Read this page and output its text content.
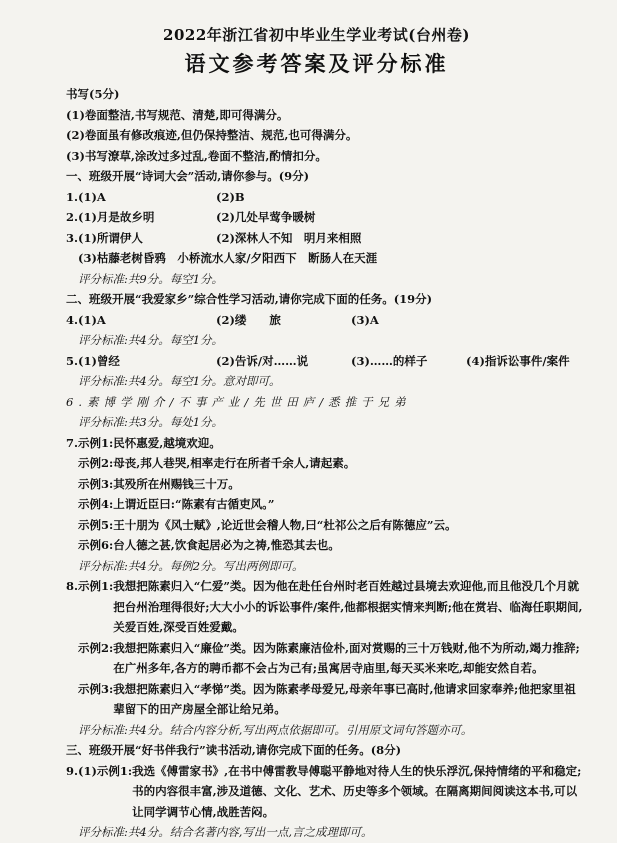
2022年浙江省初中毕业生学业考试(台州卷)
语文参考答案及评分标准
书写(5分)
(1)卷面整洁,书写规范、清楚,即可得满分。
(2)卷面虽有修改痕迹,但仍保持整洁、规范,也可得满分。
(3)书写潦草,涂改过多过乱,卷面不整洁,酌情扣分。
一、班级开展“诗词大会”活动,请你参与。(9分)
1.(1)A	(2)B
2.(1)月是故乡明	(2)几处早莺争暖树
3.(1)所谓伊人	(2)深林人不知　明月来相照
(3)枯藤老树昏鸦　小桥流水人家/夕阳西下　断肠人在天涯
评分标准:共9分。每空1分。
二、班级开展“我爱家乡”综合性学习活动,请你完成下面的任务。(19分)
4.(1)A	(2)缕　　旅	(3)A
评分标准:共4分。每空1分。
5.(1)曾经	(2)告诉/对……说	(3)……的样子	(4)指诉讼事件/案件
评分标准:共4分。每空1分。意对即可。
6.素博学刚介/不事产业/先世田庐/悉推于兄弟
评分标准:共3分。每处1分。
7.示例1:民怀惠爱,越境欢迎。
示例2:母丧,邦人巷哭,相率走行在所者千余人,请起素。
示例3:其殁所在州赐钱三十万。
示例4:上谓近臣曰:“陈素有古循吏风。”
示例5:王十朋为《风士赋》,论近世会稽人物,曰“杜祁公之后有陈德应”云。
示例6:台人德之甚,饮食起居必为之祷,惟恐其去也。
评分标准:共4分。每例2分。写出两例即可。
8.示例1: 我想把陈素归入“仁爱”类。因为他在赴任台州时老百姓越过县境去欢迎他,而且他没几个月就把台州治理得很好;大大小小的诉讼事件/案件,他都根据实情来判断;他在赏岩、临海任职期间,关爱百姓,深受百姓爱戴。
示例2: 我想把陈素归入“廉俭”类。因为陈素廉洁俭朴,面对赏赐的三十万钱财,他不为所动,竭力推辞;在广州多年,各方的聘币都不会占为己有;虽寓居寺庙里,每天买米来吃,却能安然自若。
示例3: 我想把陈素归入“孝悌”类。因为陈素孝母爱兄,母亲年事已高时,他请求回家奉养;他把家里祖辈留下的田产房屋全部让给兄弟。
评分标准:共4分。结合内容分析,写出两点依据即可。引用原文词句答题亦可。
三、班级开展“好书伴我行”读书活动,请你完成下面的任务。(8分)
9.(1)示例1: 我选《傅雷家书》,在书中傅雷教导傅聪平静地对待人生的快乐浮沉,保持情绪的平和稳定;书的内容很丰富,涉及道德、文化、艺术、历史等多个领域。在隔离期间阅读这本书,可以让同学调节心情,战胜苦闷。
评分标准:共4分。结合名著内容,写出一点,言之成理即可。
